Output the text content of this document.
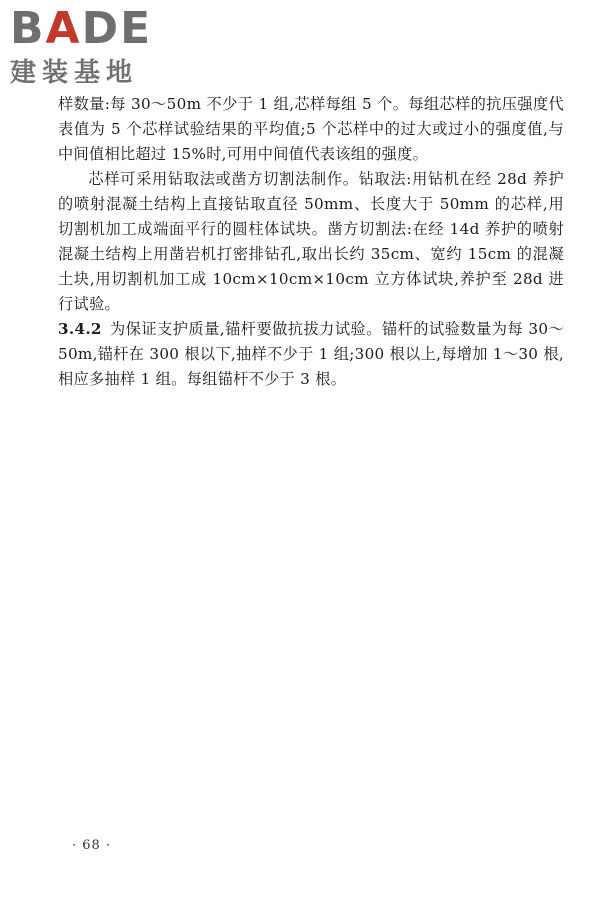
BADE
建装基地

样数量:每 30～50m 不少于 1 组,芯样每组 5 个。每组芯样的抗压强度代表值为 5 个芯样试验结果的平均值;5 个芯样中的过大或过小的强度值,与中间值相比超过 15%时,可用中间值代表该组的强度。

芯样可采用钻取法或凿方切割法制作。钻取法:用钻机在经 28d 养护的喷射混凝土结构上直接钻取直径 50mm、长度大于 50mm 的芯样,用切割机加工成端面平行的圆柱体试块。凿方切割法:在经 14d 养护的喷射混凝土结构上用凿岩机打密排钻孔,取出长约 35cm、宽约 15cm 的混凝土块,用切割机加工成 10cm×10cm×10cm 立方体试块,养护至 28d 进行试验。

3.4.2 为保证支护质量,锚杆要做抗拔力试验。锚杆的试验数量为每 30～50m,锚杆在 300 根以下,抽样不少于 1 组;300 根以上,每增加 1～30 根,相应多抽样 1 组。每组锚杆不少于 3 根。

· 68 ·
